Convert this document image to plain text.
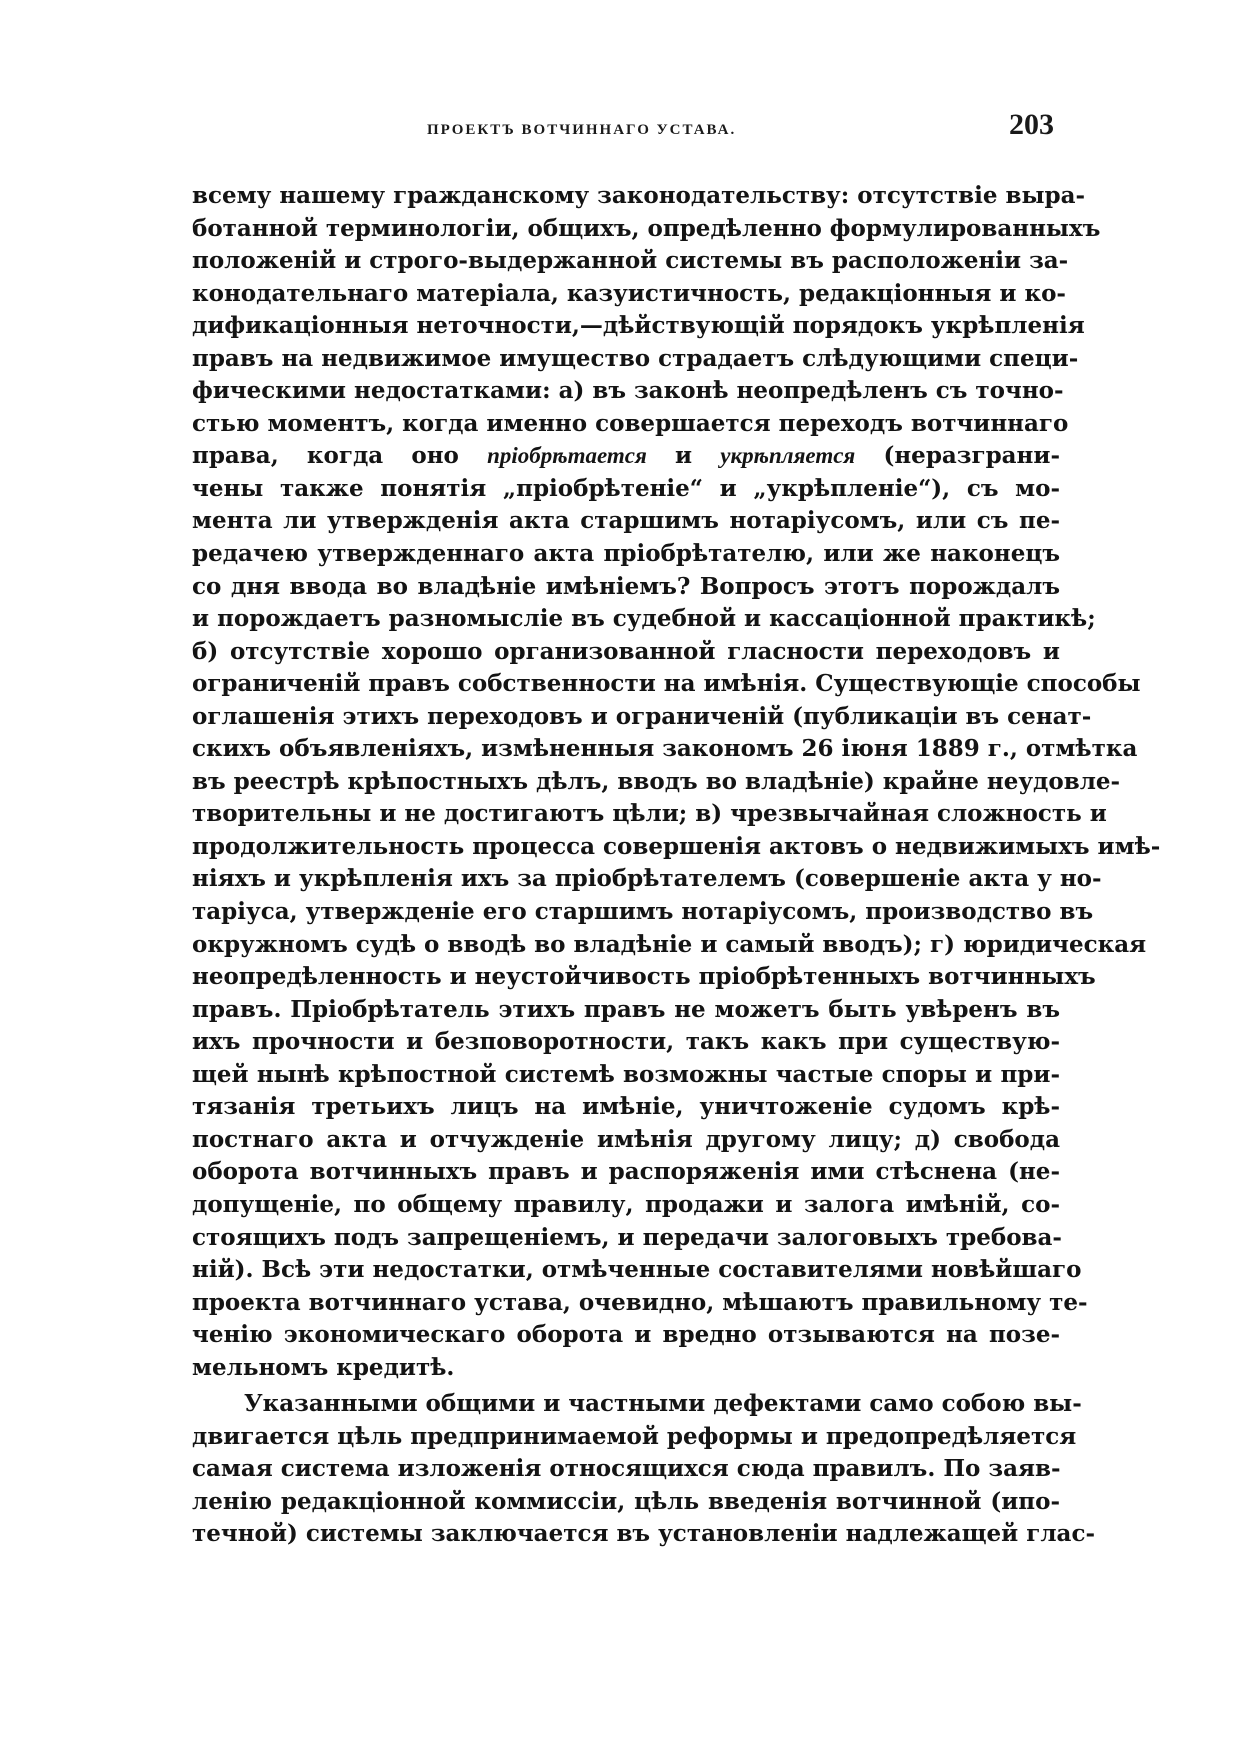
ПРОЕКТЪ ВОТЧИННАГО УСТАВА.	203
всему нашему гражданскому законодательству: отсутствіе выра-
ботанной терминологіи, общихъ, опредѣленно формулированныхъ
положеній и строго-выдержанной системы въ расположеніи за-
конодательнаго матеріала, казуистичность, редакціонныя и ко-
дификаціонныя неточности,—дѣйствующій порядокъ укрѣпленія
правъ на недвижимое имущество страдаетъ слѣдующими специ-
фическими недостатками: а) въ законѣ неопредѣленъ съ точно-
стью моментъ, когда именно совершается переходъ вотчиннаго
права, когда оно пріобрѣтается и укрѣпляется (неразграни-
чены также понятія „пріобрѣтеніе“ и „укрѣпленіе“), съ мо-
мента ли утвержденія акта старшимъ нотаріусомъ, или съ пе-
редачею утвержденнаго акта пріобрѣтателю, или же наконецъ
со дня ввода во владѣніе имѣніемъ? Вопросъ этотъ порождалъ
и порождаетъ разномысліе въ судебной и кассаціонной практикѣ;
б) отсутствіе хорошо организованной гласности переходовъ и
ограниченій правъ собственности на имѣнія. Существующіе способы
оглашенія этихъ переходовъ и ограниченій (публикаціи въ сенат-
скихъ объявленіяхъ, измѣненныя закономъ 26 іюня 1889 г., отмѣтка
въ реестрѣ крѣпостныхъ дѣлъ, вводъ во владѣніе) крайне неудовле-
творительны и не достигаютъ цѣли; в) чрезвычайная сложность и
продолжительность процесса совершенія актовъ о недвижимыхъ имѣ-
ніяхъ и укрѣпленія ихъ за пріобрѣтателемъ (совершеніе акта у но-
таріуса, утвержденіе его старшимъ нотаріусомъ, производство въ
окружномъ судѣ о вводѣ во владѣніе и самый вводъ); г) юридическая
неопредѣленность и неустойчивость пріобрѣтенныхъ вотчинныхъ
правъ. Пріобрѣтатель этихъ правъ не можетъ быть увѣренъ въ
ихъ прочности и безповоротности, такъ какъ при существую-
щей нынѣ крѣпостной системѣ возможны частые споры и при-
тязанія третьихъ лицъ на имѣніе, уничтоженіе судомъ крѣ-
постнаго акта и отчужденіе имѣнія другому лицу; д) свобода
оборота вотчинныхъ правъ и распоряженія ими стѣснена (не-
допущеніе, по общему правилу, продажи и залога имѣній, со-
стоящихъ подъ запрещеніемъ, и передачи залоговыхъ требова-
ній). Всѣ эти недостатки, отмѣченные составителями новѣйшаго
проекта вотчиннаго устава, очевидно, мѣшаютъ правильному те-
ченію экономическаго оборота и вредно отзываются на позе-
мельномъ кредитѣ.
Указанными общими и частными дефектами само собою вы-
двигается цѣль предпринимаемой реформы и предопредѣляется
самая система изложенія относящихся сюда правилъ. По заяв-
ленію редакціонной коммиссіи, цѣль введенія вотчинной (ипо-
течной) системы заключается въ установленіи надлежащей глас-
